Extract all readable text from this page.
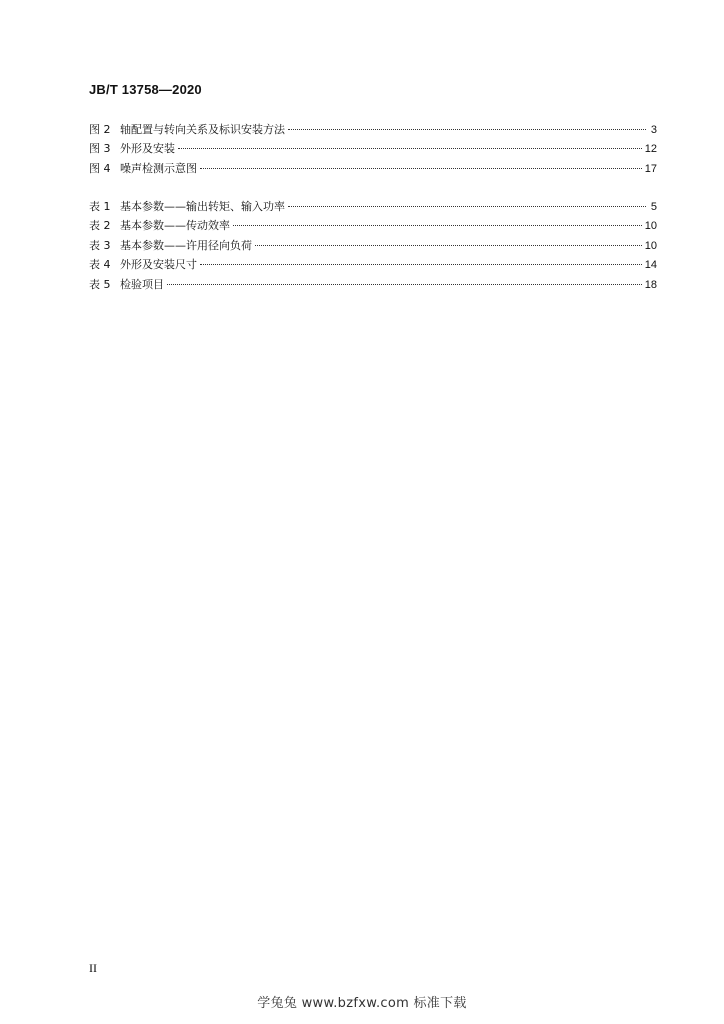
JB/T 13758—2020
图 2 轴配置与转向关系及标识安装方法	3
图 3 外形及安装	12
图 4 噪声检测示意图	17
表 1 基本参数——输出转矩、输入功率	5
表 2 基本参数——传动效率	10
表 3 基本参数——许用径向负荷	10
表 4 外形及安装尺寸	14
表 5 检验项目	18
II
学兔兔 www.bzfxw.com 标准下载
